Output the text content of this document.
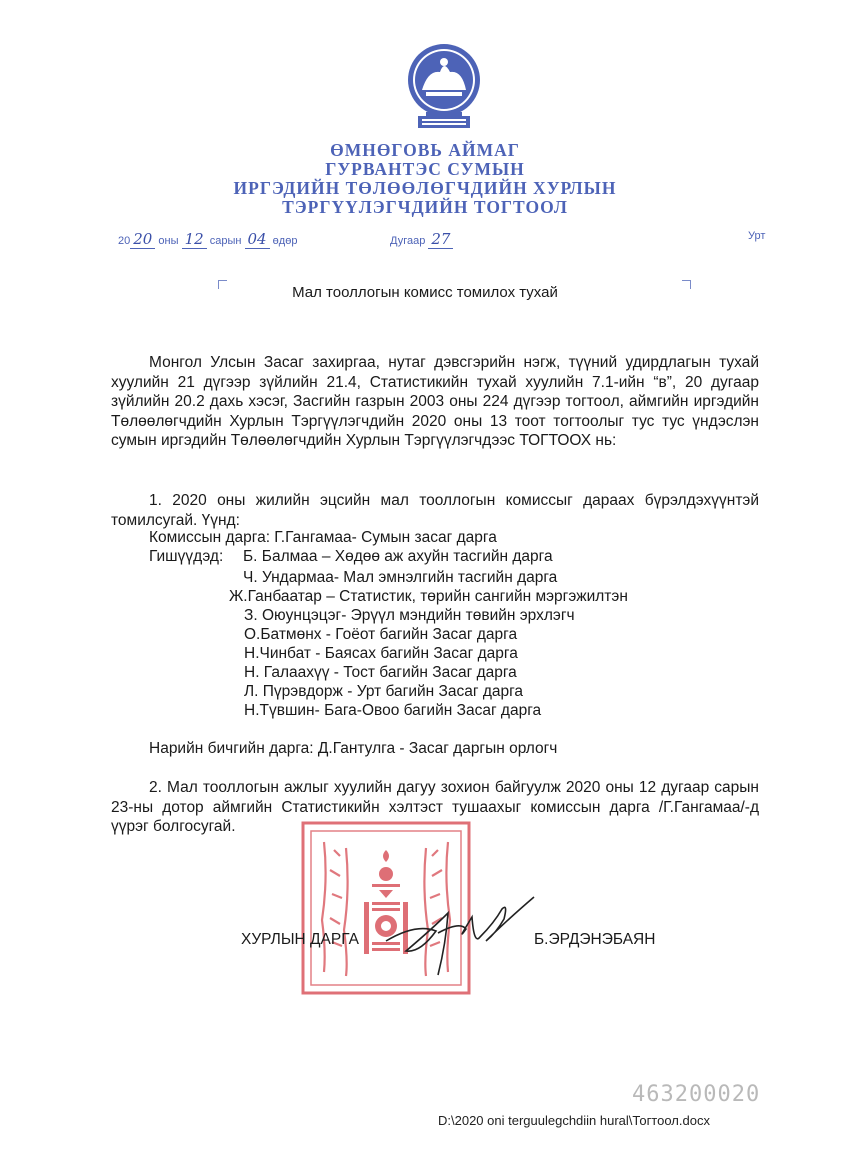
ӨМНӨГОВЬ АЙМАГ
ГУРВАНТЭС СУМЫН
ИРГЭДИЙН ТӨЛӨӨЛӨГЧДИЙН ХУРЛЫН
ТЭРГҮҮЛЭГЧДИЙН ТОГТООЛ
20 20 оны 12 сарын 04 өдөр	Дугаар 27	Урт
Мал тооллогын комисс томилох тухай
Монгол Улсын Засаг захиргаа, нутаг дэвсгэрийн нэгж, түүний удирдлагын тухай хуулийн 21 дүгээр зүйлийн 21.4, Статистикийн тухай хуулийн 7.1-ийн “в”, 20 дугаар зүйлийн 20.2 дахь хэсэг, Засгийн газрын 2003 оны 224 дүгээр тогтоол, аймгийн иргэдийн Төлөөлөгчдийн Хурлын Тэргүүлэгчдийн 2020 оны 13 тоот тогтоолыг тус тус үндэслэн сумын иргэдийн Төлөөлөгчдийн Хурлын Тэргүүлэгчдээс ТОГТООХ нь:
1. 2020 оны жилийн эцсийн мал тооллогын комиссыг дараах бүрэлдэхүүнтэй томилсугай. Үүнд:
Комиссын дарга: Г.Гангамаа- Сумын засаг дарга
Гишүүдэд: Б. Балмаа – Хөдөө аж ахуйн тасгийн дарга
Ч. Ундармаа- Мал эмнэлгийн тасгийн дарга
Ж.Ганбаатар – Статистик, төрийн сангийн мэргэжилтэн
З. Оюунцэцэг- Эрүүл мэндийн төвийн эрхлэгч
О.Батмөнх - Гоёот багийн Засаг дарга
Н.Чинбат - Баясах багийн Засаг дарга
Н. Галаахүү - Тост багийн Засаг дарга
Л. Пүрэвдорж - Урт багийн Засаг дарга
Н.Түвшин- Бага-Овоо багийн Засаг дарга
Нарийн бичгийн дарга: Д.Гантулга - Засаг даргын орлогч
2. Мал тооллогын ажлыг хуулийн дагуу зохион байгуулж 2020 оны 12 дугаар сарын 23-ны дотор аймгийн Статистикийн хэлтэст тушаахыг комиссын дарга /Г.Гангамаа/-д үүрэг болгосугай.
ХУРЛЫН ДАРГА	Б.ЭРДЭНЭБАЯН
463200020
D:\2020 oni terguulegchdiin hural\Тогтоол.docx
